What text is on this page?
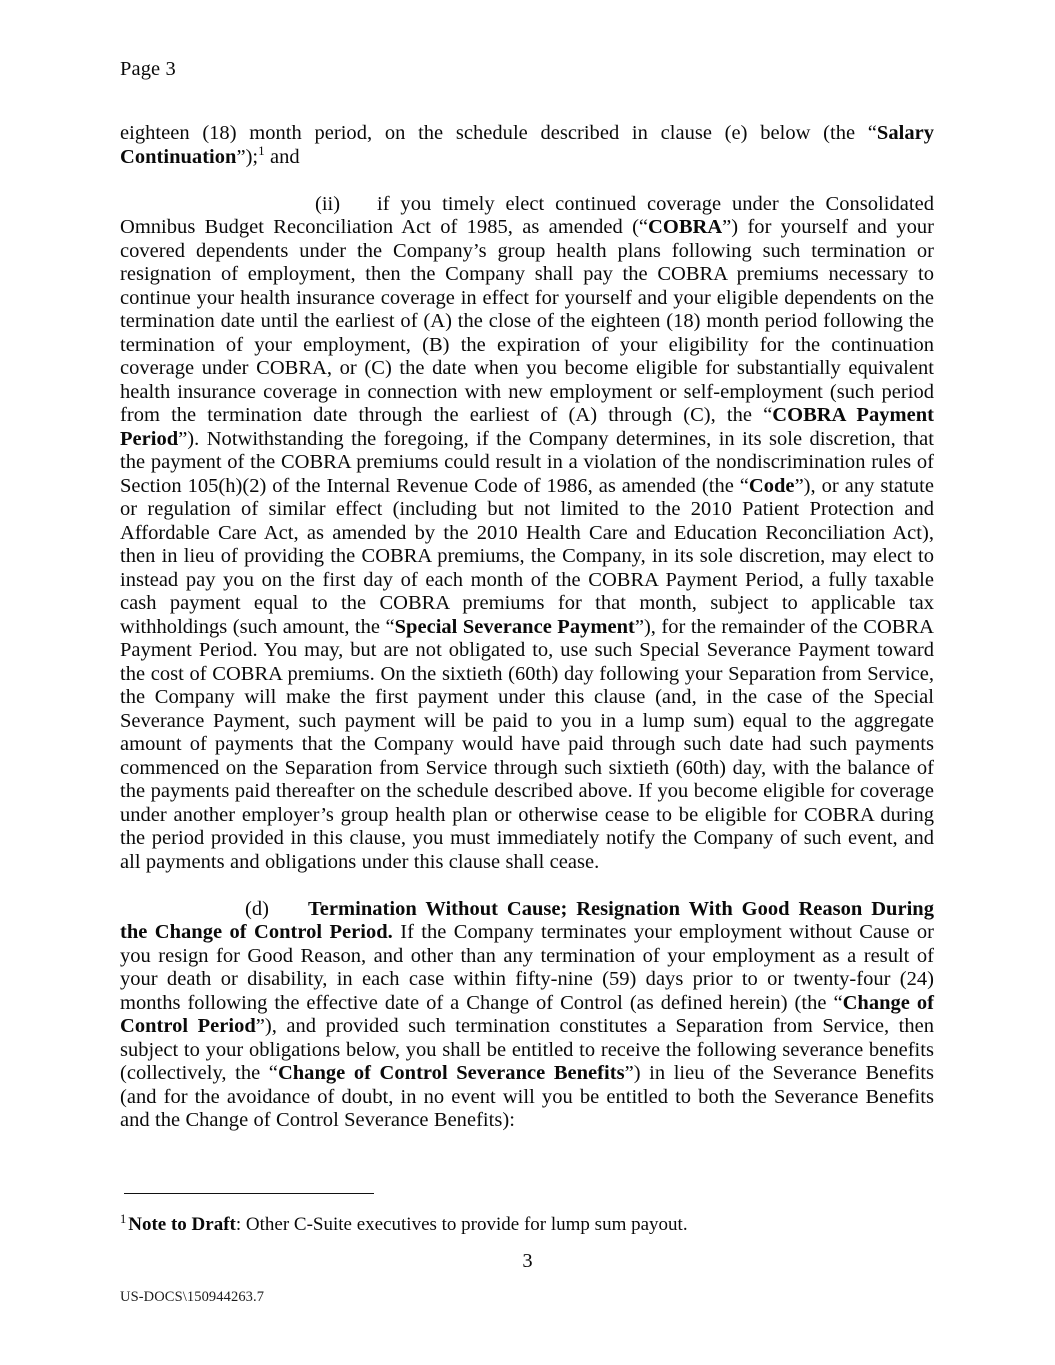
Page 3

eighteen (18) month period, on the schedule described in clause (e) below (the “Salary Continuation”);$^1$ and

(ii) if you timely elect continued coverage under the Consolidated Omnibus Budget Reconciliation Act of 1985, as amended (“COBRA”) for yourself and your covered dependents under the Company’s group health plans following such termination or resignation of employment, then the Company shall pay the COBRA premiums necessary to continue your health insurance coverage in effect for yourself and your eligible dependents on the termination date until the earliest of (A) the close of the eighteen (18) month period following the termination of your employment, (B) the expiration of your eligibility for the continuation coverage under COBRA, or (C) the date when you become eligible for substantially equivalent health insurance coverage in connection with new employment or self-employment (such period from the termination date through the earliest of (A) through (C), the “COBRA Payment Period”). Notwithstanding the foregoing, if the Company determines, in its sole discretion, that the payment of the COBRA premiums could result in a violation of the nondiscrimination rules of Section 105(h)(2) of the Internal Revenue Code of 1986, as amended (the “Code”), or any statute or regulation of similar effect (including but not limited to the 2010 Patient Protection and Affordable Care Act, as amended by the 2010 Health Care and Education Reconciliation Act), then in lieu of providing the COBRA premiums, the Company, in its sole discretion, may elect to instead pay you on the first day of each month of the COBRA Payment Period, a fully taxable cash payment equal to the COBRA premiums for that month, subject to applicable tax withholdings (such amount, the “Special Severance Payment”), for the remainder of the COBRA Payment Period. You may, but are not obligated to, use such Special Severance Payment toward the cost of COBRA premiums. On the sixtieth (60th) day following your Separation from Service, the Company will make the first payment under this clause (and, in the case of the Special Severance Payment, such payment will be paid to you in a lump sum) equal to the aggregate amount of payments that the Company would have paid through such date had such payments commenced on the Separation from Service through such sixtieth (60th) day, with the balance of the payments paid thereafter on the schedule described above. If you become eligible for coverage under another employer’s group health plan or otherwise cease to be eligible for COBRA during the period provided in this clause, you must immediately notify the Company of such event, and all payments and obligations under this clause shall cease.

(d) Termination Without Cause; Resignation With Good Reason During the Change of Control Period. If the Company terminates your employment without Cause or you resign for Good Reason, and other than any termination of your employment as a result of your death or disability, in each case within fifty-nine (59) days prior to or twenty-four (24) months following the effective date of a Change of Control (as defined herein) (the “Change of Control Period”), and provided such termination constitutes a Separation from Service, then subject to your obligations below, you shall be entitled to receive the following severance benefits (collectively, the “Change of Control Severance Benefits”) in lieu of the Severance Benefits (and for the avoidance of doubt, in no event will you be entitled to both the Severance Benefits and the Change of Control Severance Benefits):

$^1$ Note to Draft: Other C-Suite executives to provide for lump sum payout.
3
US-DOCS\150944263.7
